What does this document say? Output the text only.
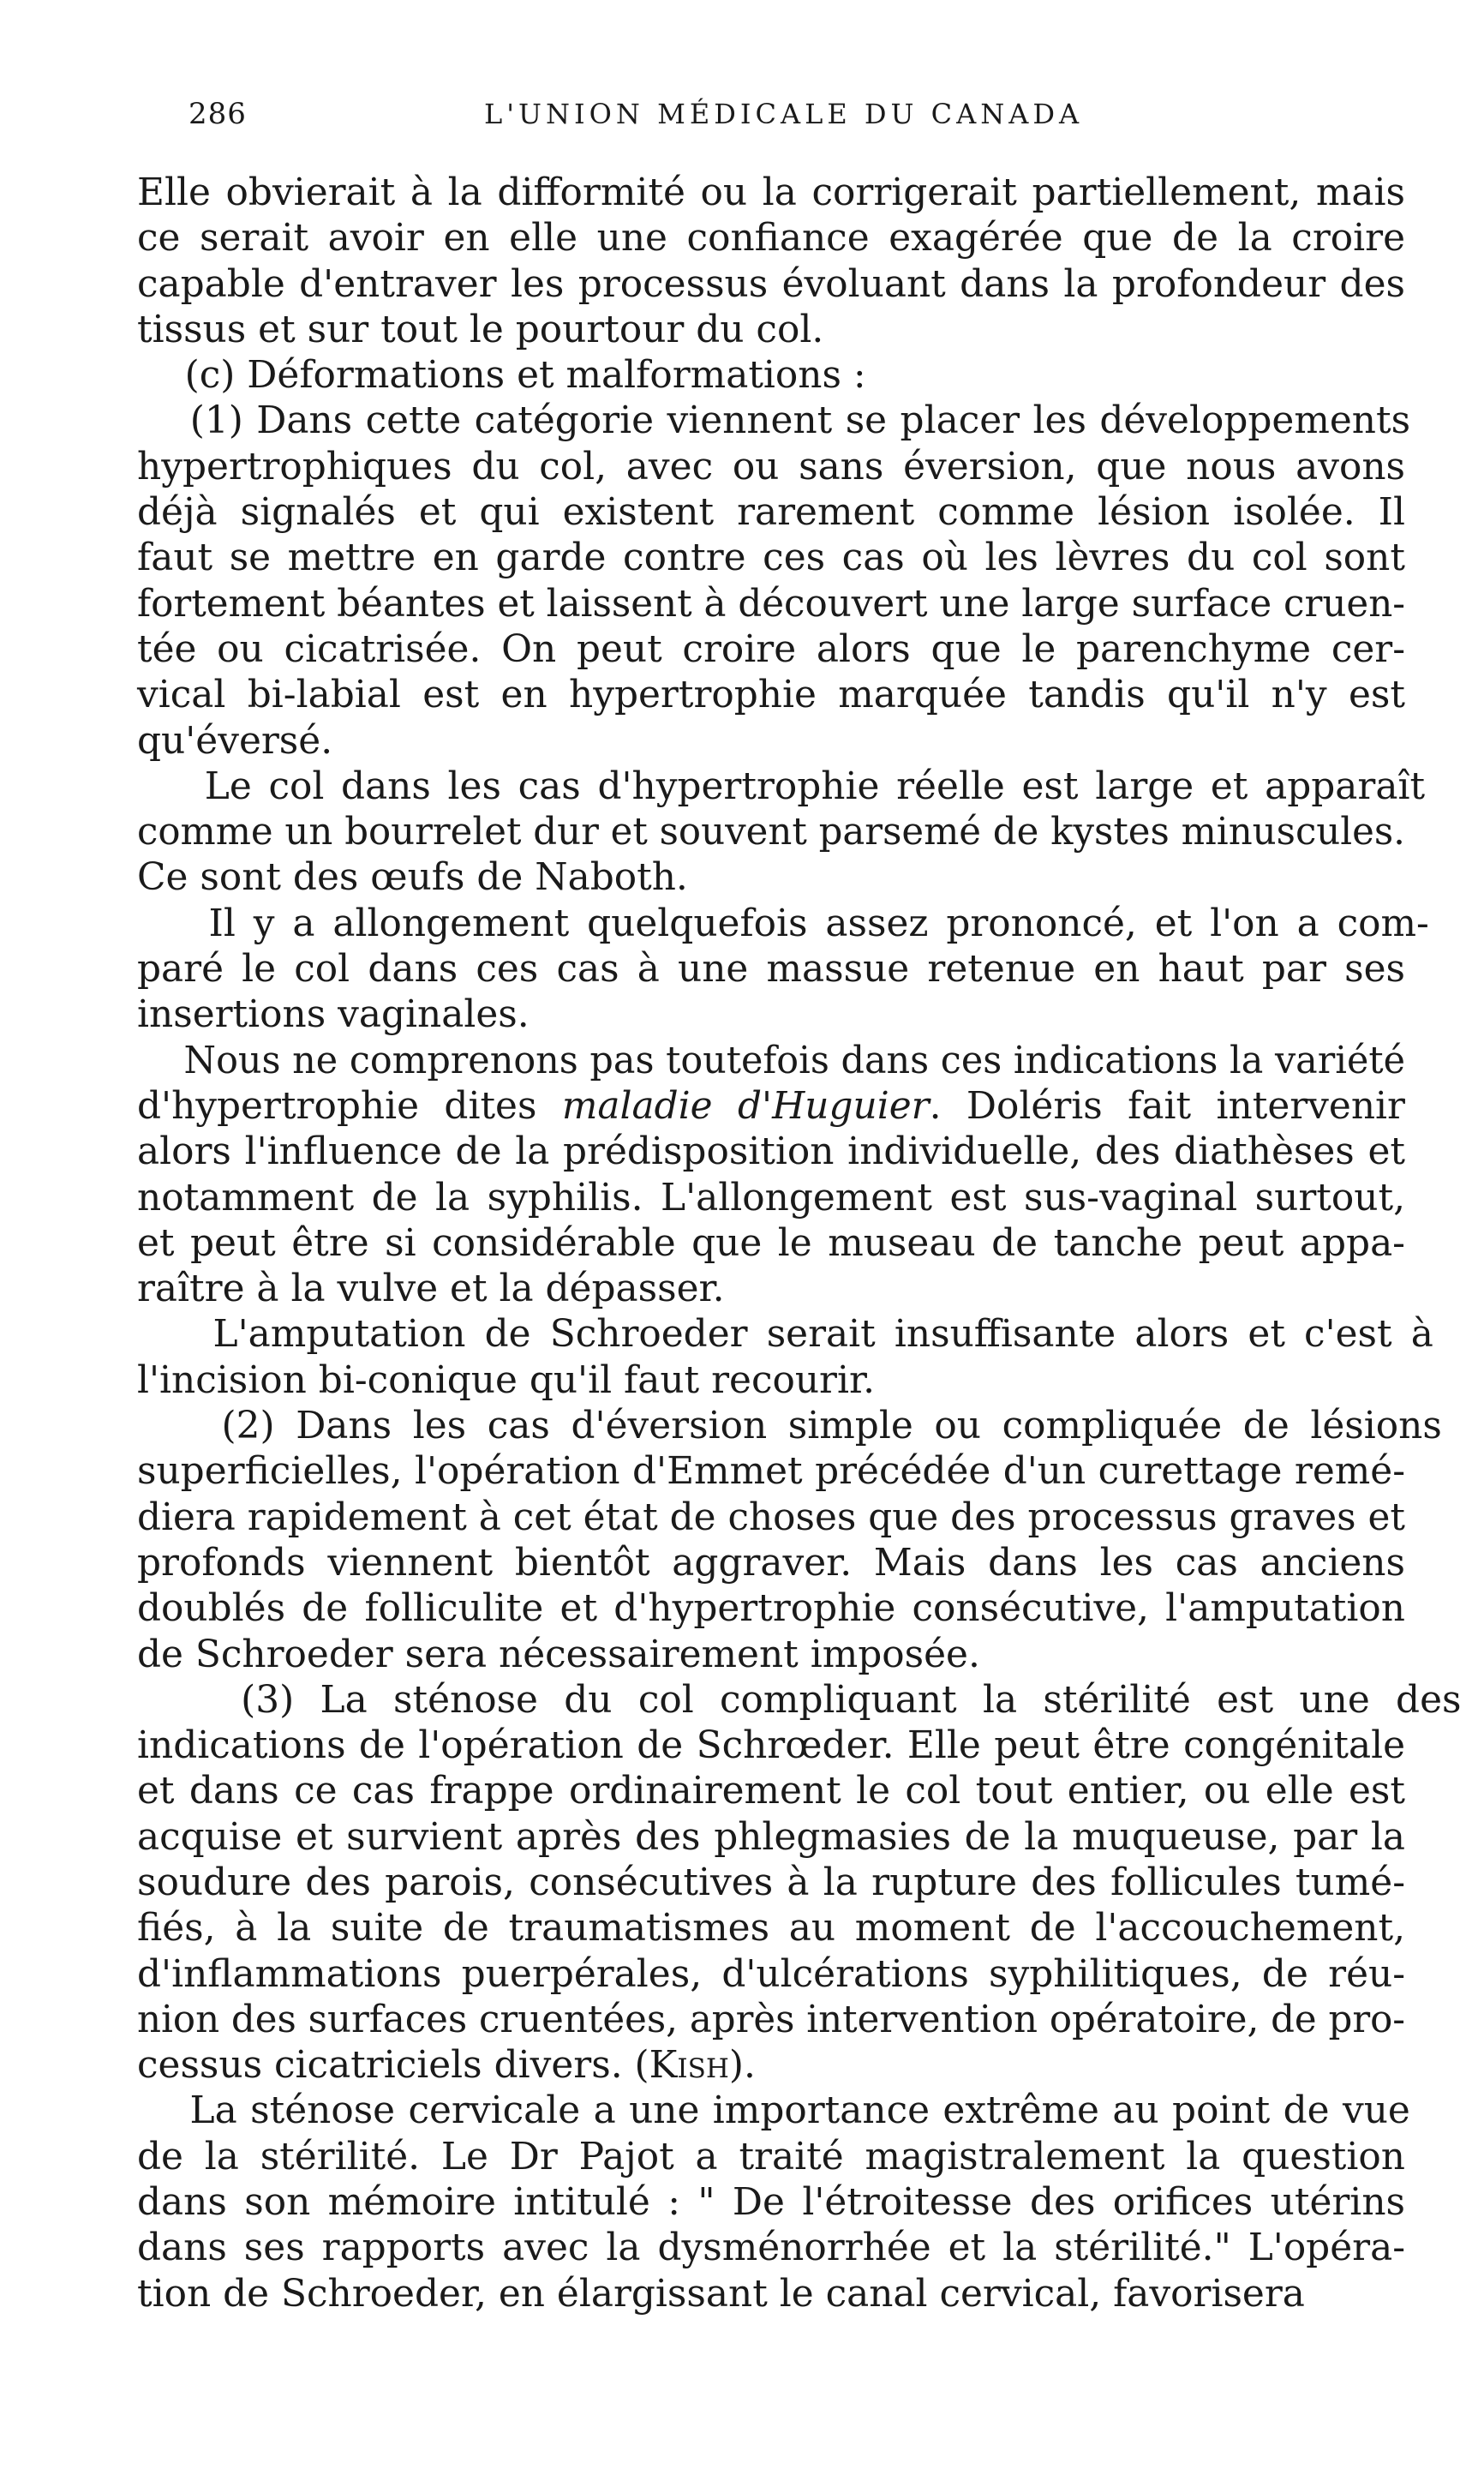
286	L'UNION MÉDICALE DU CANADA
Elle obvierait à la difformité ou la corrigerait partiellement, mais
ce serait avoir en elle une confiance exagérée que de la croire
capable d'entraver les processus évoluant dans la profondeur des
tissus et sur tout le pourtour du col.
(c) Déformations et malformations :
(1) Dans cette catégorie viennent se placer les développements
hypertrophiques du col, avec ou sans éversion, que nous avons
déjà signalés et qui existent rarement comme lésion isolée. Il
faut se mettre en garde contre ces cas où les lèvres du col sont
fortement béantes et laissent à découvert une large surface cruen-
tée ou cicatrisée. On peut croire alors que le parenchyme cer-
vical bi-labial est en hypertrophie marquée tandis qu'il n'y est
qu'éversé.
Le col dans les cas d'hypertrophie réelle est large et apparaît
comme un bourrelet dur et souvent parsemé de kystes minuscules.
Ce sont des œufs de Naboth.
Il y a allongement quelquefois assez prononcé, et l'on a com-
paré le col dans ces cas à une massue retenue en haut par ses
insertions vaginales.
Nous ne comprenons pas toutefois dans ces indications la variété
d'hypertrophie dites maladie d'Huguier. Doléris fait intervenir
alors l'influence de la prédisposition individuelle, des diathèses et
notamment de la syphilis. L'allongement est sus-vaginal surtout,
et peut être si considérable que le museau de tanche peut appa-
raître à la vulve et la dépasser.
L'amputation de Schroeder serait insuffisante alors et c'est à
l'incision bi-conique qu'il faut recourir.
(2) Dans les cas d'éversion simple ou compliquée de lésions
superficielles, l'opération d'Emmet précédée d'un curettage remé-
diera rapidement à cet état de choses que des processus graves et
profonds viennent bientôt aggraver. Mais dans les cas anciens
doublés de folliculite et d'hypertrophie consécutive, l'amputation
de Schroeder sera nécessairement imposée.
(3) La sténose du col compliquant la stérilité est une des
indications de l'opération de Schrœder. Elle peut être congénitale
et dans ce cas frappe ordinairement le col tout entier, ou elle est
acquise et survient après des phlegmasies de la muqueuse, par la
soudure des parois, consécutives à la rupture des follicules tumé-
fiés, à la suite de traumatismes au moment de l'accouchement,
d'inflammations puerpérales, d'ulcérations syphilitiques, de réu-
nion des surfaces cruentées, après intervention opératoire, de pro-
cessus cicatriciels divers. (Kish).
La sténose cervicale a une importance extrême au point de vue
de la stérilité. Le Dr Pajot a traité magistralement la question
dans son mémoire intitulé : " De l'étroitesse des orifices utérins
dans ses rapports avec la dysménorrhée et la stérilité." L'opéra-
tion de Schroeder, en élargissant le canal cervical, favorisera
